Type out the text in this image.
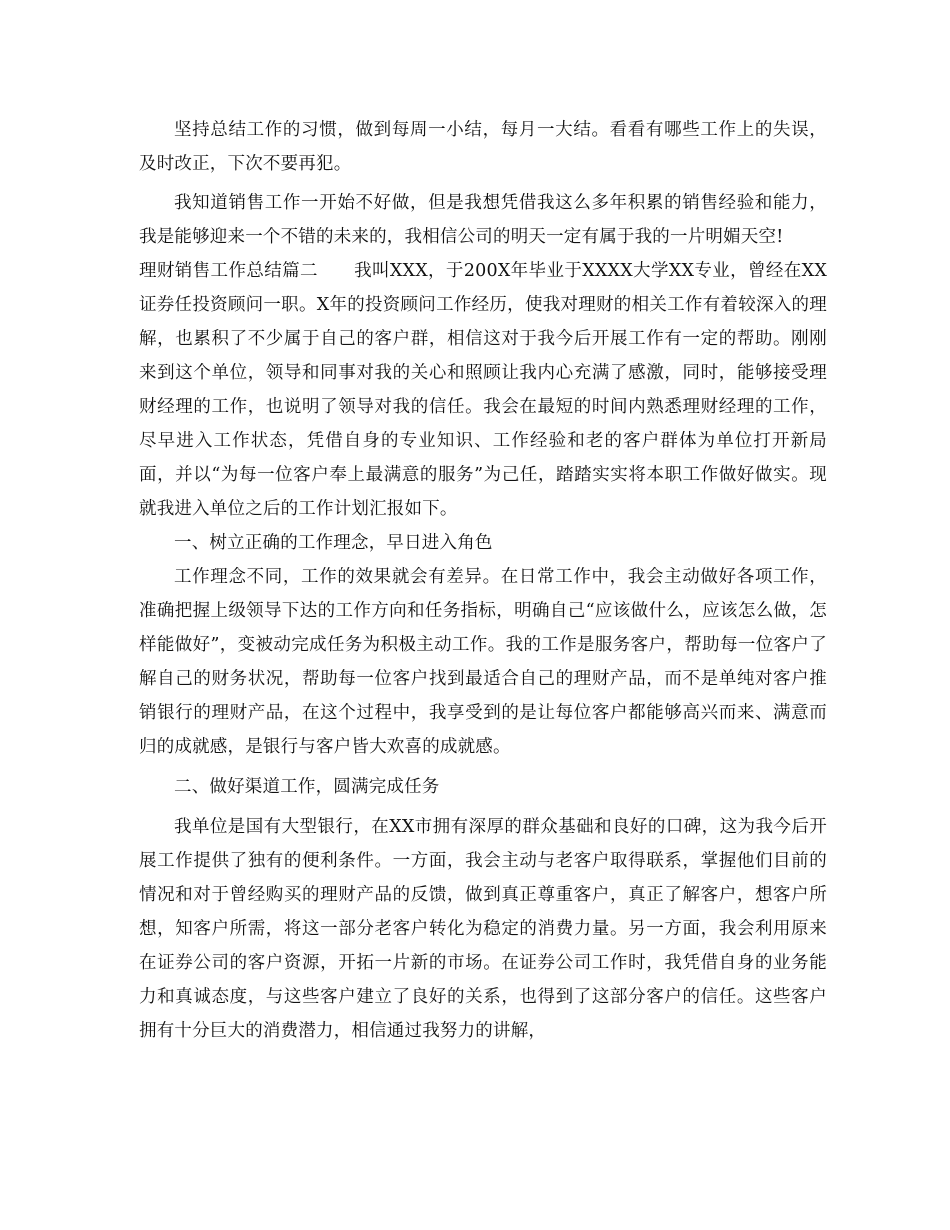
坚持总结工作的习惯，做到每周一小结，每月一大结。看看有哪些工作上的失误，及时改正，下次不要再犯。

我知道销售工作一开始不好做，但是我想凭借我这么多年积累的销售经验和能力，我是能够迎来一个不错的未来的，我相信公司的明天一定有属于我的一片明媚天空!

理财销售工作总结篇二 我叫XXX，于200X年毕业于XXXX大学XX专业，曾经在XX证券任投资顾问一职。X年的投资顾问工作经历，使我对理财的相关工作有着较深入的理解，也累积了不少属于自己的客户群，相信这对于我今后开展工作有一定的帮助。刚刚来到这个单位，领导和同事对我的关心和照顾让我内心充满了感激，同时，能够接受理财经理的工作，也说明了领导对我的信任。我会在最短的时间内熟悉理财经理的工作，尽早进入工作状态，凭借自身的专业知识、工作经验和老的客户群体为单位打开新局面，并以“为每一位客户奉上最满意的服务”为己任，踏踏实实将本职工作做好做实。现就我进入单位之后的工作计划汇报如下。

一、树立正确的工作理念，早日进入角色

工作理念不同，工作的效果就会有差异。在日常工作中，我会主动做好各项工作，准确把握上级领导下达的工作方向和任务指标，明确自己“应该做什么，应该怎么做，怎样能做好”，变被动完成任务为积极主动工作。我的工作是服务客户，帮助每一位客户了解自己的财务状况，帮助每一位客户找到最适合自己的理财产品，而不是单纯对客户推销银行的理财产品，在这个过程中，我享受到的是让每位客户都能够高兴而来、满意而归的成就感，是银行与客户皆大欢喜的成就感。

二、做好渠道工作，圆满完成任务

我单位是国有大型银行，在XX市拥有深厚的群众基础和良好的口碑，这为我今后开展工作提供了独有的便利条件。一方面，我会主动与老客户取得联系，掌握他们目前的情况和对于曾经购买的理财产品的反馈，做到真正尊重客户，真正了解客户，想客户所想，知客户所需，将这一部分老客户转化为稳定的消费力量。另一方面，我会利用原来在证券公司的客户资源，开拓一片新的市场。在证券公司工作时，我凭借自身的业务能力和真诚态度，与这些客户建立了良好的关系，也得到了这部分客户的信任。这些客户拥有十分巨大的消费潜力，相信通过我努力的讲解，
